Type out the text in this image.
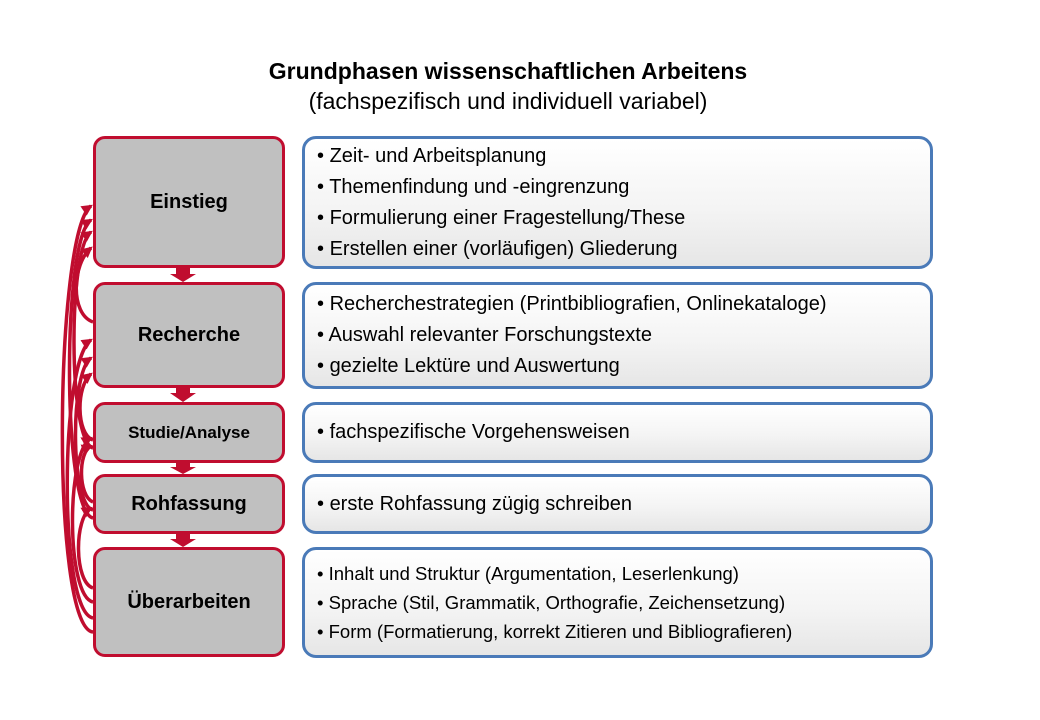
Grundphasen wissenschaftlichen Arbeitens
(fachspezifisch und individuell variabel)
Einstieg
Recherche
Studie/Analyse
Rohfassung
Überarbeiten
• Zeit- und Arbeitsplanung
• Themenfindung und -eingrenzung
• Formulierung einer Fragestellung/These
• Erstellen einer (vorläufigen) Gliederung
• Recherchestrategien (Printbibliografien, Onlinekataloge)
• Auswahl relevanter Forschungstexte
• gezielte Lektüre und Auswertung
• fachspezifische Vorgehensweisen
• erste Rohfassung zügig schreiben
• Inhalt und Struktur (Argumentation, Leserlenkung)
• Sprache (Stil, Grammatik, Orthografie, Zeichensetzung)
• Form (Formatierung, korrekt Zitieren und Bibliografieren)
